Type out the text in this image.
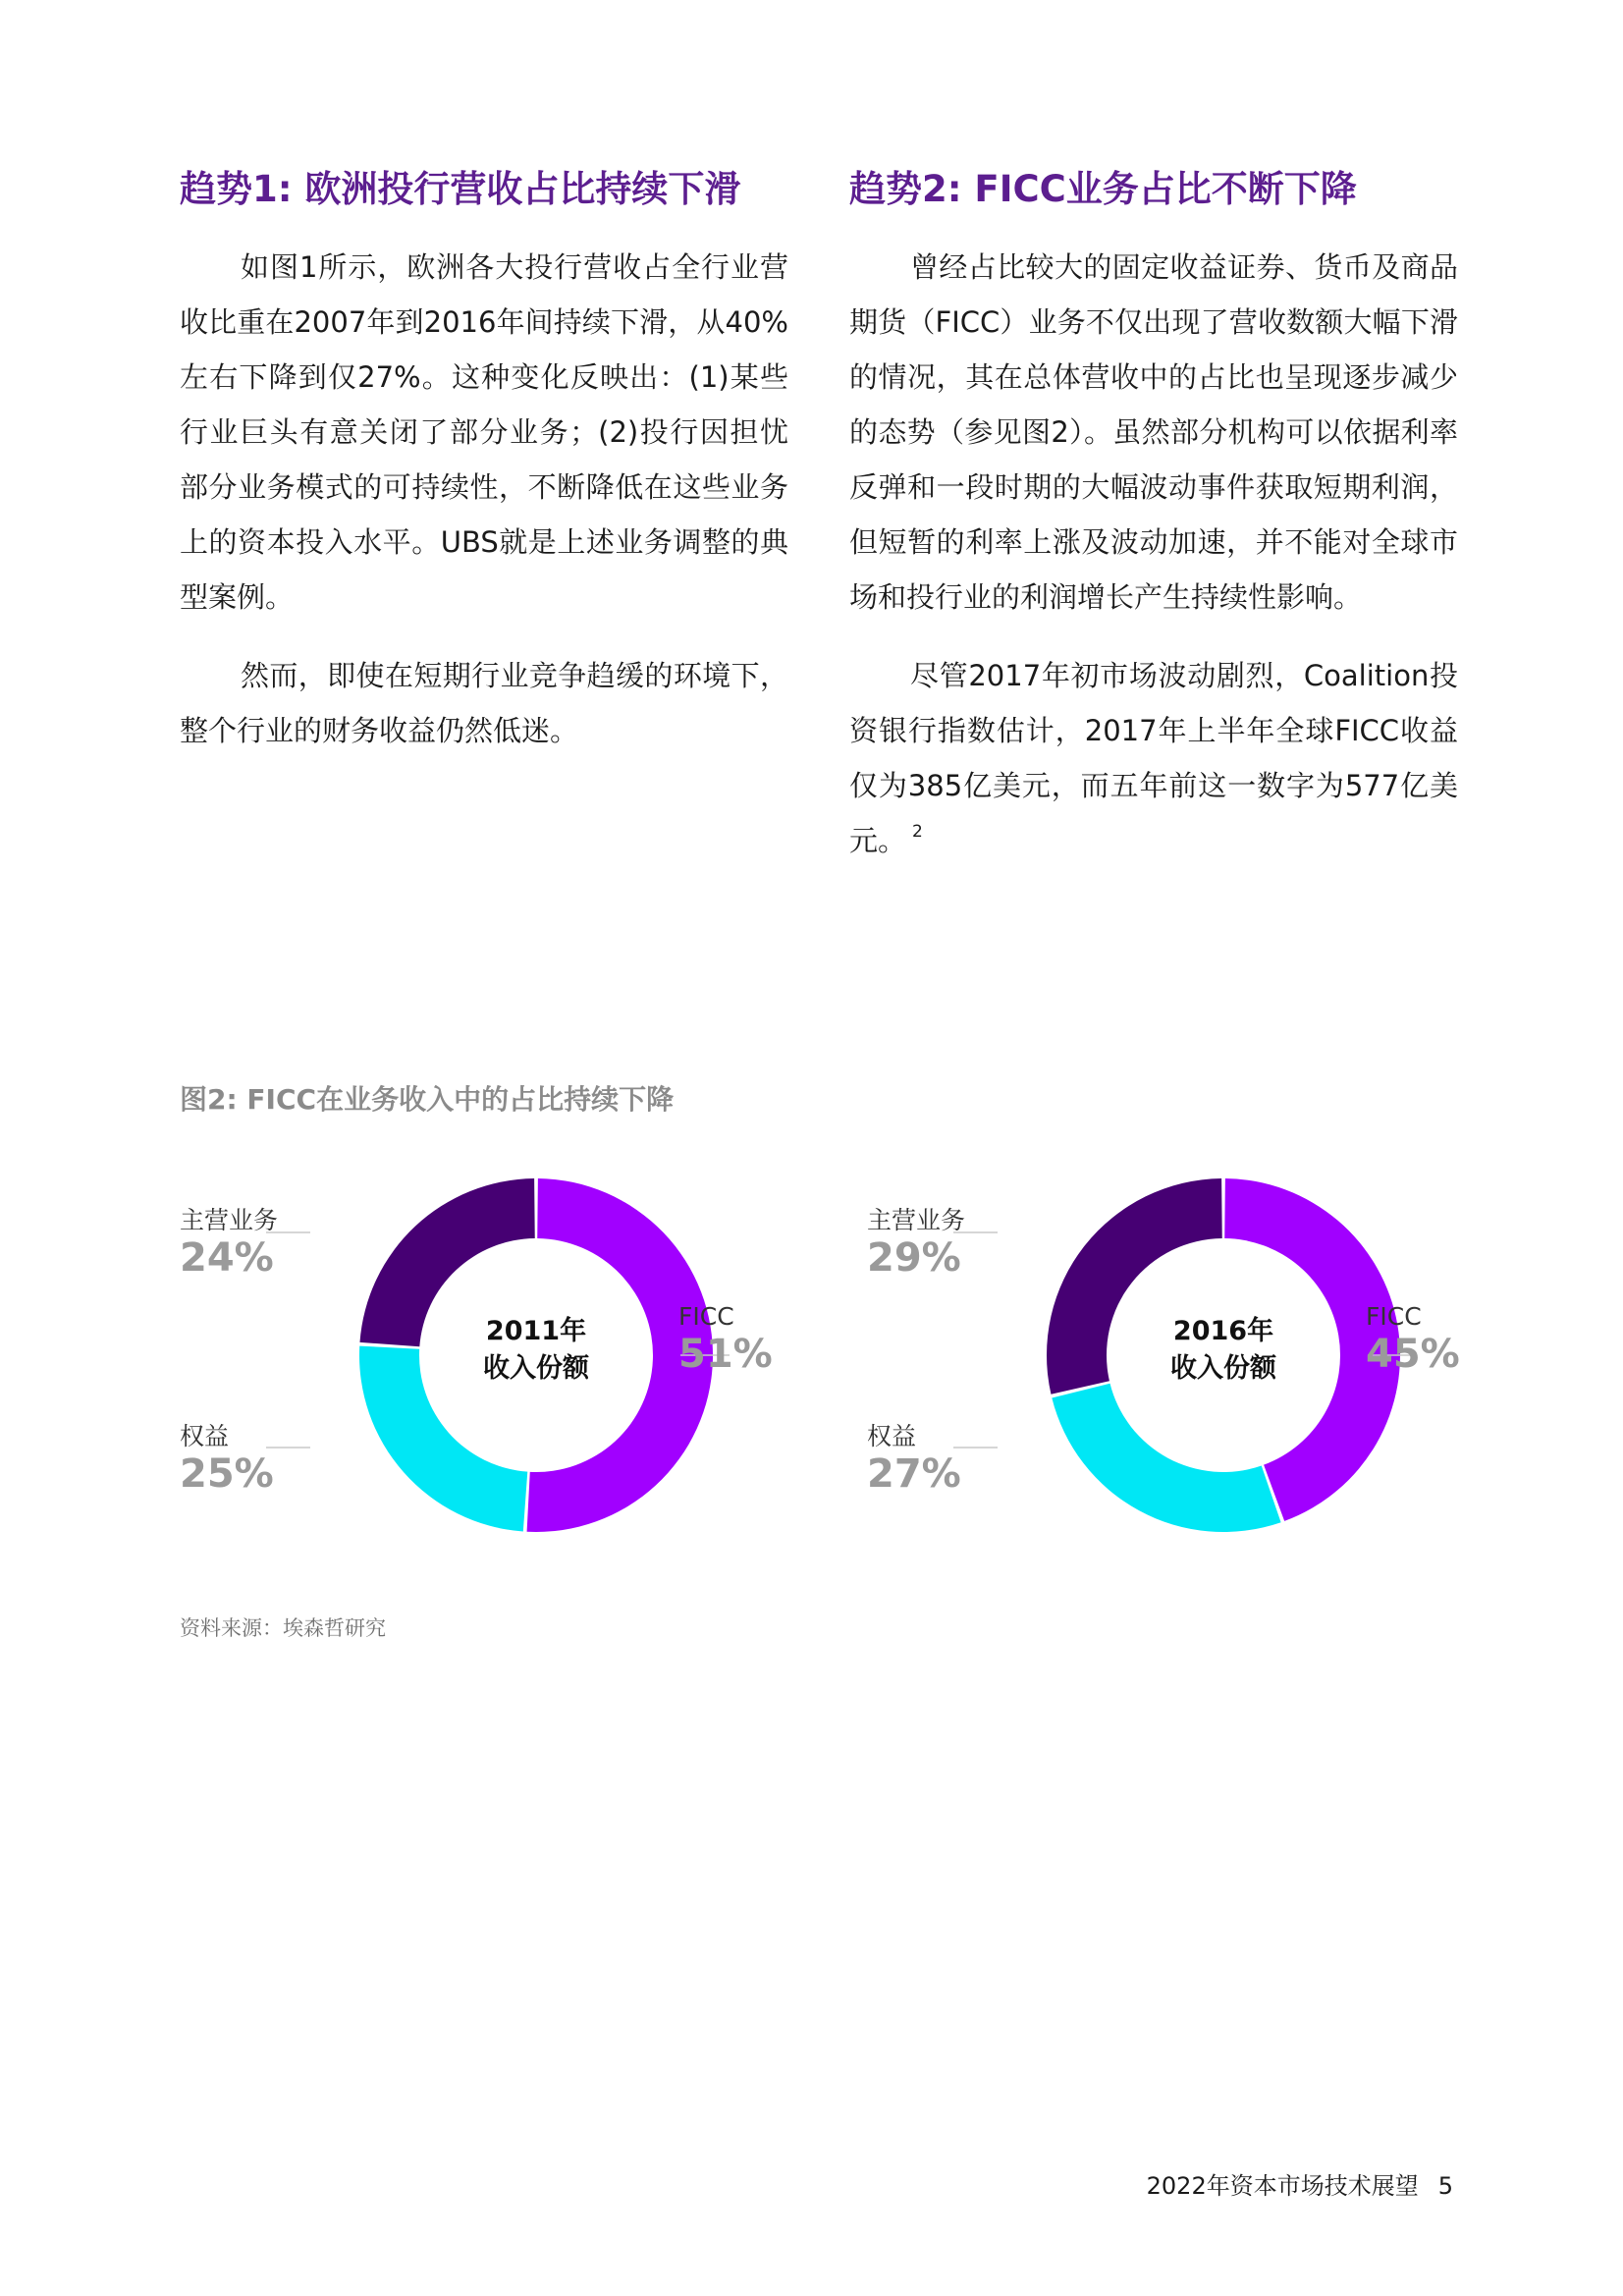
趋势1: 欧洲投行营收占比持续下滑

如图1所示，欧洲各大投行营收占全行业营收比重在2007年到2016年间持续下滑，从40%左右下降到仅27%。这种变化反映出：(1)某些行业巨头有意关闭了部分业务；(2)投行因担忧部分业务模式的可持续性，不断降低在这些业务上的资本投入水平。UBS就是上述业务调整的典型案例。

然而，即使在短期行业竞争趋缓的环境下，整个行业的财务收益仍然低迷。

趋势2: FICC业务占比不断下降

曾经占比较大的固定收益证券、货币及商品期货（FICC）业务不仅出现了营收数额大幅下滑的情况，其在总体营收中的占比也呈现逐步减少的态势（参见图2）。虽然部分机构可以依据利率反弹和一段时期的大幅波动事件获取短期利润，但短暂的利率上涨及波动加速，并不能对全球市场和投行业的利润增长产生持续性影响。

尽管2017年初市场波动剧烈，Coalition投资银行指数估计，2017年上半年全球FICC收益仅为385亿美元，而五年前这一数字为577亿美元。 $^2$

图2: FICC在业务收入中的占比持续下降

2011年
收入份额
主营业务
24%
FICC
51%
权益
25%
2016年
收入份额
主营业务
29%
FICC
45%
权益
27%
资料来源：埃森哲研究
2022年资本市场技术展望 5
